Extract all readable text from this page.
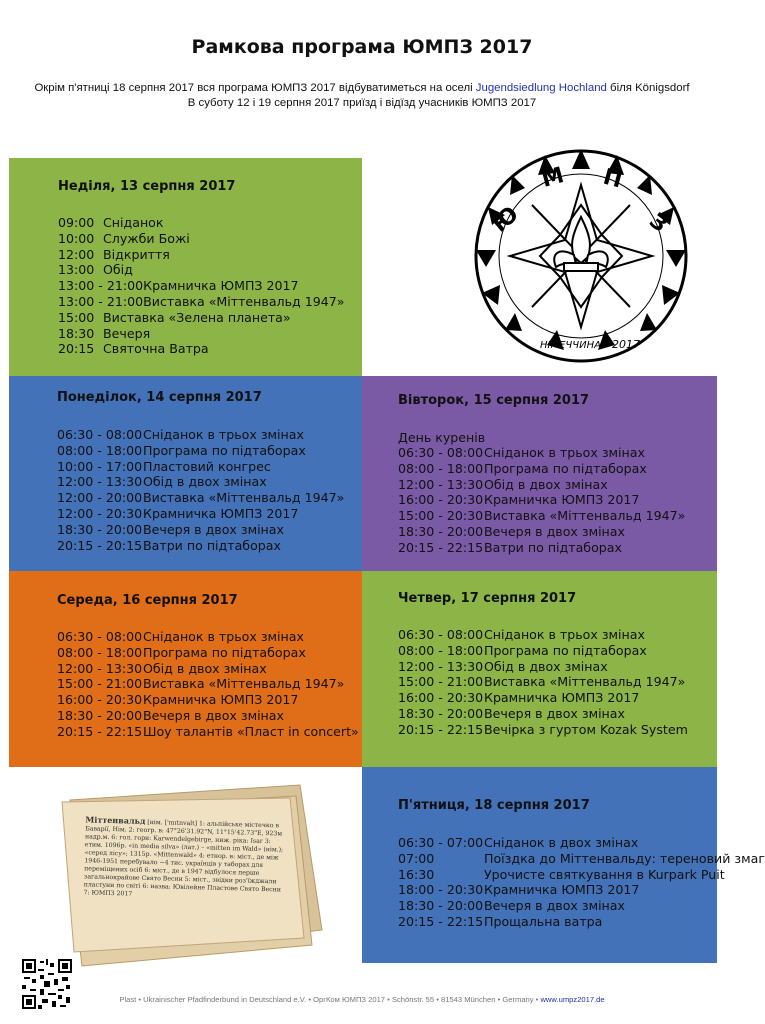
Рамкова програма ЮМПЗ 2017
Окрім п'ятниці 18 серпня 2017 вся програма ЮМПЗ 2017 відбуватиметься на оселі Jugendsiedlung Hochland біля Königsdorf
В суботу 12 і 19 серпня 2017 приїзд і відїзд учасників ЮМПЗ 2017
Неділя, 13 серпня 2017
09:00 Сніданок
10:00 Служби Божі
12:00 Відкриття
13:00 Обід
13:00 - 21:00Крамничка ЮМПЗ 2017
13:00 - 21:00Виставка «Міттенвальд 1947»
15:00 Виставка «Зелена планета»
18:30 Вечеря
20:15 Святочна Ватра
Понеділок, 14 серпня 2017
06:30 - 08:00Сніданок в трьох змінах
08:00 - 18:00Програма по підтаборах
10:00 - 17:00Пластовий конгрес
12:00 - 13:30Обід в двох змінах
12:00 - 20:00Виставка «Міттенвальд 1947»
12:00 - 20:30Крамничка ЮМПЗ 2017
18:30 - 20:00Вечеря в двох змінах
20:15 - 20:15Ватри по підтаборах
Вівторок, 15 серпня 2017
День куренів
06:30 - 08:00Сніданок в трьох змінах
08:00 - 18:00Програма по підтаборах
12:00 - 13:30Обід в двох змінах
16:00 - 20:30Крамничка ЮМПЗ 2017
15:00 - 20:30Виставка «Міттенвальд 1947»
18:30 - 20:00Вечеря в двох змінах
20:15 - 22:15Ватри по підтаборах
Середа, 16 серпня 2017
06:30 - 08:00Сніданок в трьох змінах
08:00 - 18:00Програма по підтаборах
12:00 - 13:30Обід в двох змінах
15:00 - 21:00Виставка «Міттенвальд 1947»
16:00 - 20:30Крамничка ЮМПЗ 2017
18:30 - 20:00Вечеря в двох змінах
20:15 - 22:15Шоу талантів «Пласт in concert»
Четвер, 17 серпня 2017
06:30 - 08:00Сніданок в трьох змінах
08:00 - 18:00Програма по підтаборах
12:00 - 13:30Обід в двох змінах
15:00 - 21:00Виставка «Міттенвальд 1947»
16:00 - 20:30Крамничка ЮМПЗ 2017
18:30 - 20:00Вечеря в двох змінах
20:15 - 22:15Вечірка з гуртом Kozak System
П'ятниця, 18 серпня 2017
06:30 - 07:00Сніданок в двох змінах
07:00	Поїздка до Міттенвальду: тереновий змаг
16:30	Урочисте святкування в Kurpark Puit
18:00 - 20:30Крамничка ЮМПЗ 2017
18:30 - 20:00Вечеря в двох змінах
20:15 - 22:15Прощальна ватра
Ю
М П
З
НІМЕЧЧИНА 2017
Міттенвальд [нім. ['mɪtnvalt] 1: альпійське містечко в Баварії, Нім. 2: геогр. в: 47°26'31.92"N, 11°15'42.73"E, 923м надр.м. 6: гол. гори: Karwendelgebirge, ниж. ріка: Isar 3: етим. 1096р. «in media silva» (лат.) – «mitten im Wald» (нім.); «серед лісу»; 1315р. «Mittenwald» 4: етнор. в: міст., де між 1946-1951 перебувало ~4 тис. українців у таборах для переміщених осіб 6: міст., де в 1947 відбулося перше загальнокрайове Свято Весни 5: міст., звідки роз'їжджали пластуни по світі 6: назва: Ювілейне Пластове Свято Весни 7: ЮМПЗ 2017
Plast • Ukrainischer Pfadfinderbund in Deutschland e.V. • ОргКом ЮМПЗ 2017 • Schönstr. 55 • 81543 München • Germany • www.umpz2017.de
